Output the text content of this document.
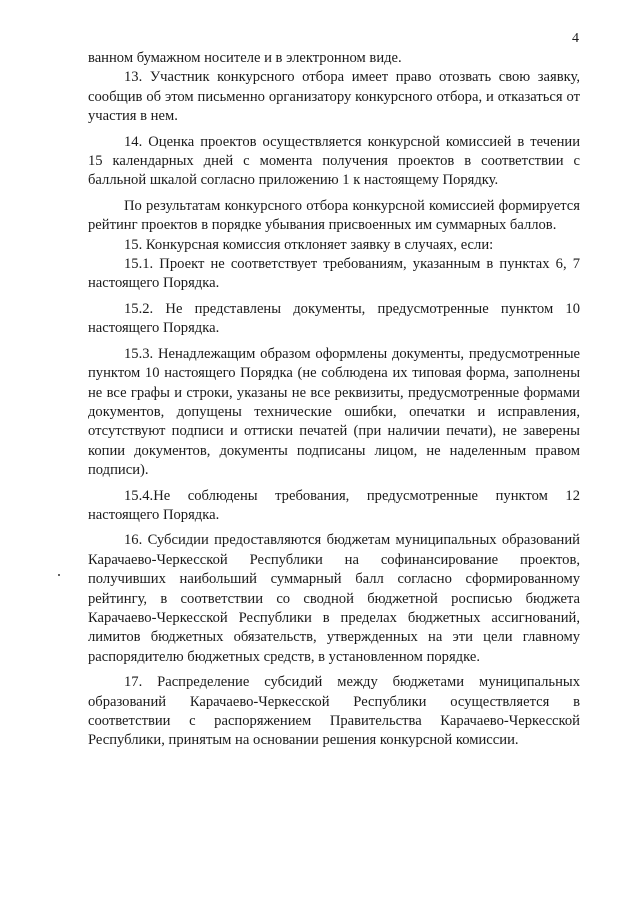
4

ванном бумажном носителе и в электронном виде.

13. Участник конкурсного отбора имеет право отозвать свою заявку, сообщив об этом письменно организатору конкурсного отбора, и отказаться от участия в нем.

14. Оценка проектов осуществляется конкурсной комиссией в течении 15 календарных дней с момента получения проектов в соответствии с балльной шкалой согласно приложению 1 к настоящему Порядку.

По результатам конкурсного отбора конкурсной комиссией формируется рейтинг проектов в порядке убывания присвоенных им суммарных баллов.

15. Конкурсная комиссия отклоняет заявку в случаях, если:

15.1. Проект не соответствует требованиям, указанным в пунктах 6, 7 настоящего Порядка.

15.2. Не представлены документы, предусмотренные пунктом 10 настоящего Порядка.

15.3. Ненадлежащим образом оформлены документы, предусмотренные пунктом 10 настоящего Порядка (не соблюдена их типовая форма, заполнены не все графы и строки, указаны не все реквизиты, предусмотренные формами документов, допущены технические ошибки, опечатки и исправления, отсутствуют подписи и оттиски печатей (при наличии печати), не заверены копии документов, документы подписаны лицом, не наделенным правом подписи).

15.4.Не соблюдены требования, предусмотренные пунктом 12 настоящего Порядка.

16. Субсидии предоставляются бюджетам муниципальных образований Карачаево-Черкесской Республики на софинансирование проектов, получивших наибольший суммарный балл согласно сформированному рейтингу, в соответствии со сводной бюджетной росписью бюджета Карачаево-Черкесской Республики в пределах бюджетных ассигнований, лимитов бюджетных обязательств, утвержденных на эти цели главному распорядителю бюджетных средств, в установленном порядке.

17. Распределение субсидий между бюджетами муниципальных образований Карачаево-Черкесской Республики осуществляется в соответствии с распоряжением Правительства Карачаево-Черкесской Республики, принятым на основании решения конкурсной комиссии.
